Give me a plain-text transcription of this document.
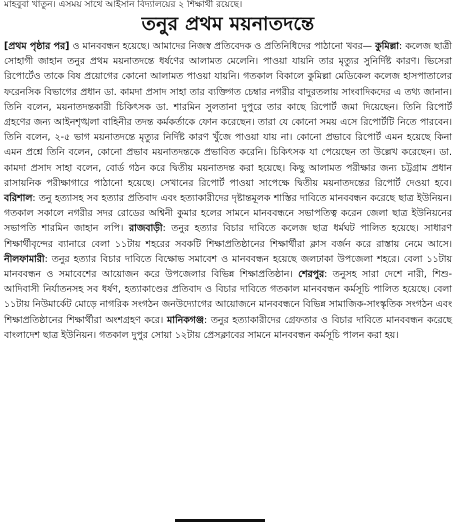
মাহবুবা খাতুন। এসময় সাথে আইসান বিদ্যালয়ের ২ শিক্ষার্থী রয়েছে।
তনুর প্রথম ময়নাতদন্তে

[প্রথম পৃষ্ঠার পর] ও মানববন্ধন হয়েছে। আমাদের নিজস্ব প্রতিবেদক ও প্রতিনিধিদের পাঠানো খবর— কুমিল্লা: কলেজ ছাত্রী সোহাগী জাহান তনুর প্রথম ময়নাতদন্তে ধর্ষণের আলামত মেলেনি। পাওয়া যায়নি তার মৃত্যুর সুনির্দিষ্ট কারণ। ভিসেরা রিপোর্টেও তাকে বিষ প্রয়োগের কোনো আলামত পাওয়া যায়নি। গতকাল বিকালে কুমিল্লা মেডিকেল কলেজ হাসপাতালের ফরেনসিক বিভাগের প্রধান ডা. কামদা প্রসাদ সাহা তার ব্যক্তিগত চেম্বার নগরীর বাদুরতলায় সাংবাদিকদের এ তথ্য জানান। তিনি বলেন, ময়নাতদন্তকারী চিকিৎসক ডা. শারমিন সুলতানা দুপুরে তার কাছে রিপোর্ট জমা দিয়েছেন। তিনি রিপোর্ট গ্রহণের জন্য আইনশৃঙ্খলা বাহিনীর তদন্ত কর্মকর্তাকে ফোন করেছেন। তারা যে কোনো সময় এসে রিপোর্টটি নিতে পারবেন। তিনি বলেন, ২-৫ ভাগ ময়নাতদন্তে মৃত্যুর নির্দিষ্ট কারণ খুঁজে পাওয়া যায় না। কোনো প্রভাবে রিপোর্ট এমন হয়েছে কিনা এমন প্রশ্নে তিনি বলেন, কোনো প্রভাব ময়নাতদন্তকে প্রভাবিত করেনি। চিকিৎসক যা পেয়েছেন তা উল্লেখ করেছেন। ডা. কামদা প্রসাদ সাহা বলেন, বোর্ড গঠন করে দ্বিতীয় ময়নাতদন্ত করা হয়েছে। কিছু আলামত পরীক্ষার জন্য চট্টগ্রাম প্রধান রাসায়নিক পরীক্ষাগারে পাঠানো হয়েছে। সেখানের রিপোর্ট পাওয়া সাপেক্ষে দ্বিতীয় ময়নাতদন্তের রিপোর্ট দেওয়া হবে। বরিশাল: তনু হত্যাসহ সব হত্যার প্রতিবাদ এবং হত্যাকারীদের দৃষ্টান্তমূলক শাস্তির দাবিতে মানববন্ধন করেছে ছাত্র ইউনিয়ন। গতকাল সকালে নগরীর সদর রোডের অশ্বিনী কুমার হলের সামনে মানববন্ধনে সভাপতিত্ব করেন জেলা ছাত্র ইউনিয়নের সভাপতি শারমিন জাহান লপি। রাজবাড়ী: তনুর হত্যার বিচার দাবিতে কলেজ ছাত্র ধর্মঘট পালিত হয়েছে। সাধারণ শিক্ষার্থীবৃন্দের ব্যানারে বেলা ১১টায় শহরের সবকটি শিক্ষাপ্রতিষ্ঠানের শিক্ষার্থীরা ক্লাস বর্জন করে রাস্তায় নেমে আসে। নীলফামারী: তনুর হত্যার বিচার দাবিতে বিক্ষোভ সমাবেশ ও মানববন্ধন হয়েছে জলঢাকা উপজেলা শহরে। বেলা ১১টায় মানববন্ধন ও সমাবেশের আয়োজন করে উপজেলার বিভিন্ন শিক্ষাপ্রতিষ্ঠান। শেরপুর: তনুসহ সারা দেশে নারী, শিশু-আদিবাসী নির্যাতনসহ সব ধর্ষণ, হত্যাকাণ্ডের প্রতিবাদ ও বিচার দাবিতে গতকাল মানববন্ধন কর্মসূচি পালিত হয়েছে। বেলা ১১টায় নিউমার্কেট মোড়ে নাগরিক সংগঠন জনউদ্যোগের আয়োজনে মানববন্ধনে বিভিন্ন সামাজিক-সাংস্কৃতিক সংগঠন এবং শিক্ষাপ্রতিষ্ঠানের শিক্ষার্থীরা অংশগ্রহণ করে। মানিকগঞ্জ: তনুর হত্যাকারীদের গ্রেফতার ও বিচার দাবিতে মানববন্ধন করেছে বাংলাদেশ ছাত্র ইউনিয়ন। গতকাল দুপুর সোয়া ১২টায় প্রেসক্লাবের সামনে মানববন্ধন কর্মসূচি পালন করা হয়।
